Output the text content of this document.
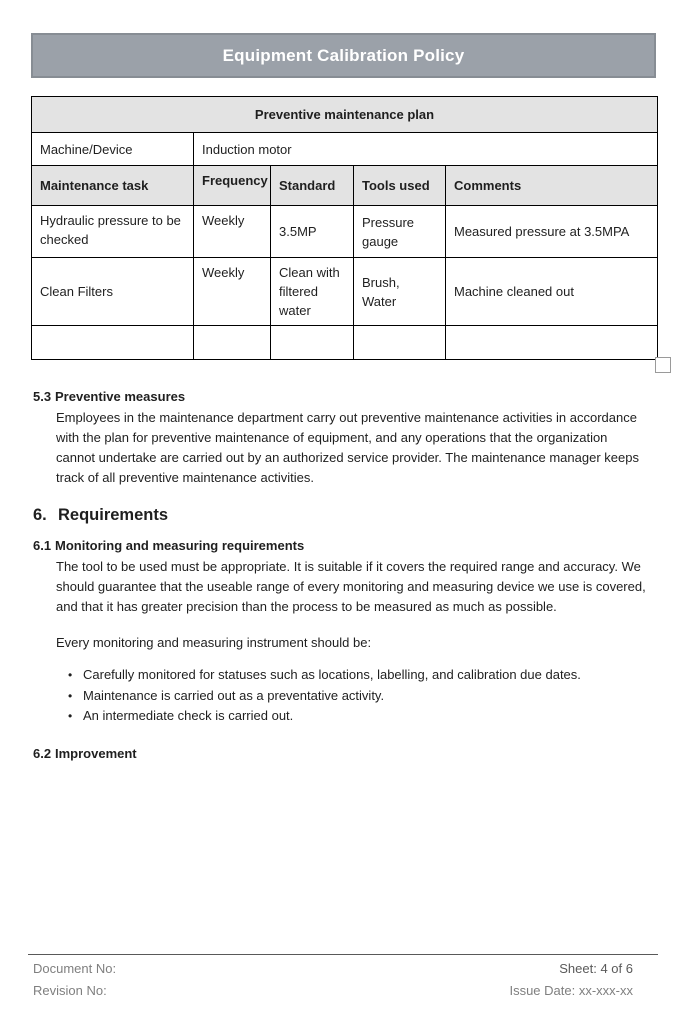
Equipment Calibration Policy
Preventive maintenance plan				
Machine/Device	Induction motor			
Maintenance task	Frequency	Standard	Tools used	Comments
Hydraulic pressure to be checked	Weekly	3.5MP	Pressure gauge	Measured pressure at 3.5MPA
Clean Filters	Weekly	Clean with filtered water	Brush, Water	Machine cleaned out

5.3 Preventive measures

Employees in the maintenance department carry out preventive maintenance activities in accordance with the plan for preventive maintenance of equipment, and any operations that the organization cannot undertake are carried out by an authorized service provider. The maintenance manager keeps track of all preventive maintenance activities.

6. Requirements
6.1 Monitoring and measuring requirements

The tool to be used must be appropriate. It is suitable if it covers the required range and accuracy. We should guarantee that the useable range of every monitoring and measuring device we use is covered, and that it has greater precision than the process to be measured as much as possible.

Every monitoring and measuring instrument should be:

• Carefully monitored for statuses such as locations, labelling, and calibration due dates.
• Maintenance is carried out as a preventative activity.
• An intermediate check is carried out.
6.2 Improvement
Document No:
Revision No:
Sheet: 4 of 6
Issue Date: xx-xxx-xx
